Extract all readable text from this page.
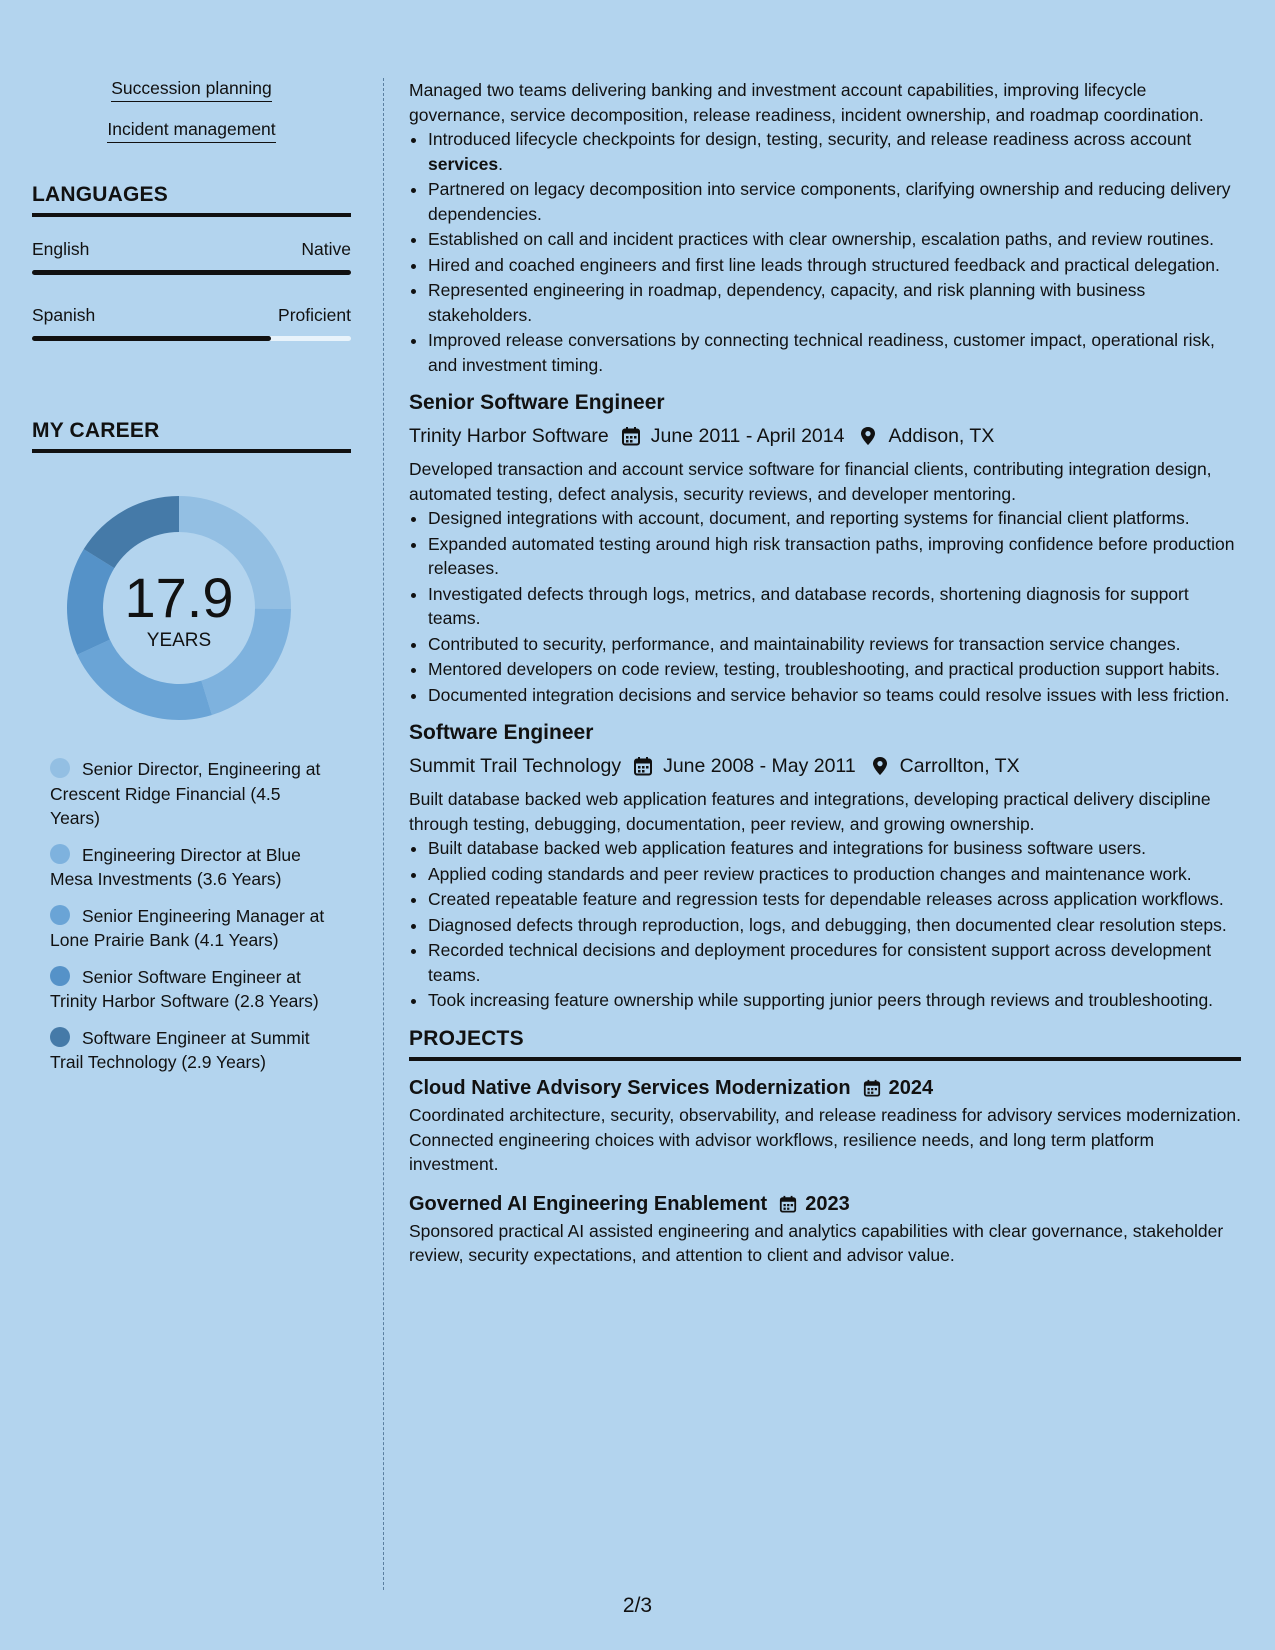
Succession planning
Incident management
LANGUAGES
English	Native
Spanish	Proficient
MY CAREER
17.9
YEARS
Senior Director, Engineering at Crescent Ridge Financial (4.5 Years)
Engineering Director at Blue Mesa Investments (3.6 Years)
Senior Engineering Manager at Lone Prairie Bank (4.1 Years)
Senior Software Engineer at Trinity Harbor Software (2.8 Years)
Software Engineer at Summit Trail Technology (2.9 Years)
Managed two teams delivering banking and investment account capabilities, improving lifecycle governance, service decomposition, release readiness, incident ownership, and roadmap coordination.
• Introduced lifecycle checkpoints for design, testing, security, and release readiness across account services.
• Partnered on legacy decomposition into service components, clarifying ownership and reducing delivery dependencies.
• Established on call and incident practices with clear ownership, escalation paths, and review routines.
• Hired and coached engineers and first line leads through structured feedback and practical delegation.
• Represented engineering in roadmap, dependency, capacity, and risk planning with business stakeholders.
• Improved release conversations by connecting technical readiness, customer impact, operational risk, and investment timing.
Senior Software Engineer
Trinity Harbor Software June 2011 - April 2014 Addison, TX
Developed transaction and account service software for financial clients, contributing integration design, automated testing, defect analysis, security reviews, and developer mentoring.
• Designed integrations with account, document, and reporting systems for financial client platforms.
• Expanded automated testing around high risk transaction paths, improving confidence before production releases.
• Investigated defects through logs, metrics, and database records, shortening diagnosis for support teams.
• Contributed to security, performance, and maintainability reviews for transaction service changes.
• Mentored developers on code review, testing, troubleshooting, and practical production support habits.
• Documented integration decisions and service behavior so teams could resolve issues with less friction.
Software Engineer
Summit Trail Technology June 2008 - May 2011 Carrollton, TX
Built database backed web application features and integrations, developing practical delivery discipline through testing, debugging, documentation, peer review, and growing ownership.
• Built database backed web application features and integrations for business software users.
• Applied coding standards and peer review practices to production changes and maintenance work.
• Created repeatable feature and regression tests for dependable releases across application workflows.
• Diagnosed defects through reproduction, logs, and debugging, then documented clear resolution steps.
• Recorded technical decisions and deployment procedures for consistent support across development teams.
• Took increasing feature ownership while supporting junior peers through reviews and troubleshooting.
PROJECTS
Cloud Native Advisory Services Modernization 2024
Coordinated architecture, security, observability, and release readiness for advisory services modernization. Connected engineering choices with advisor workflows, resilience needs, and long term platform investment.
Governed AI Engineering Enablement 2023
Sponsored practical AI assisted engineering and analytics capabilities with clear governance, stakeholder review, security expectations, and attention to client and advisor value.
2/3
